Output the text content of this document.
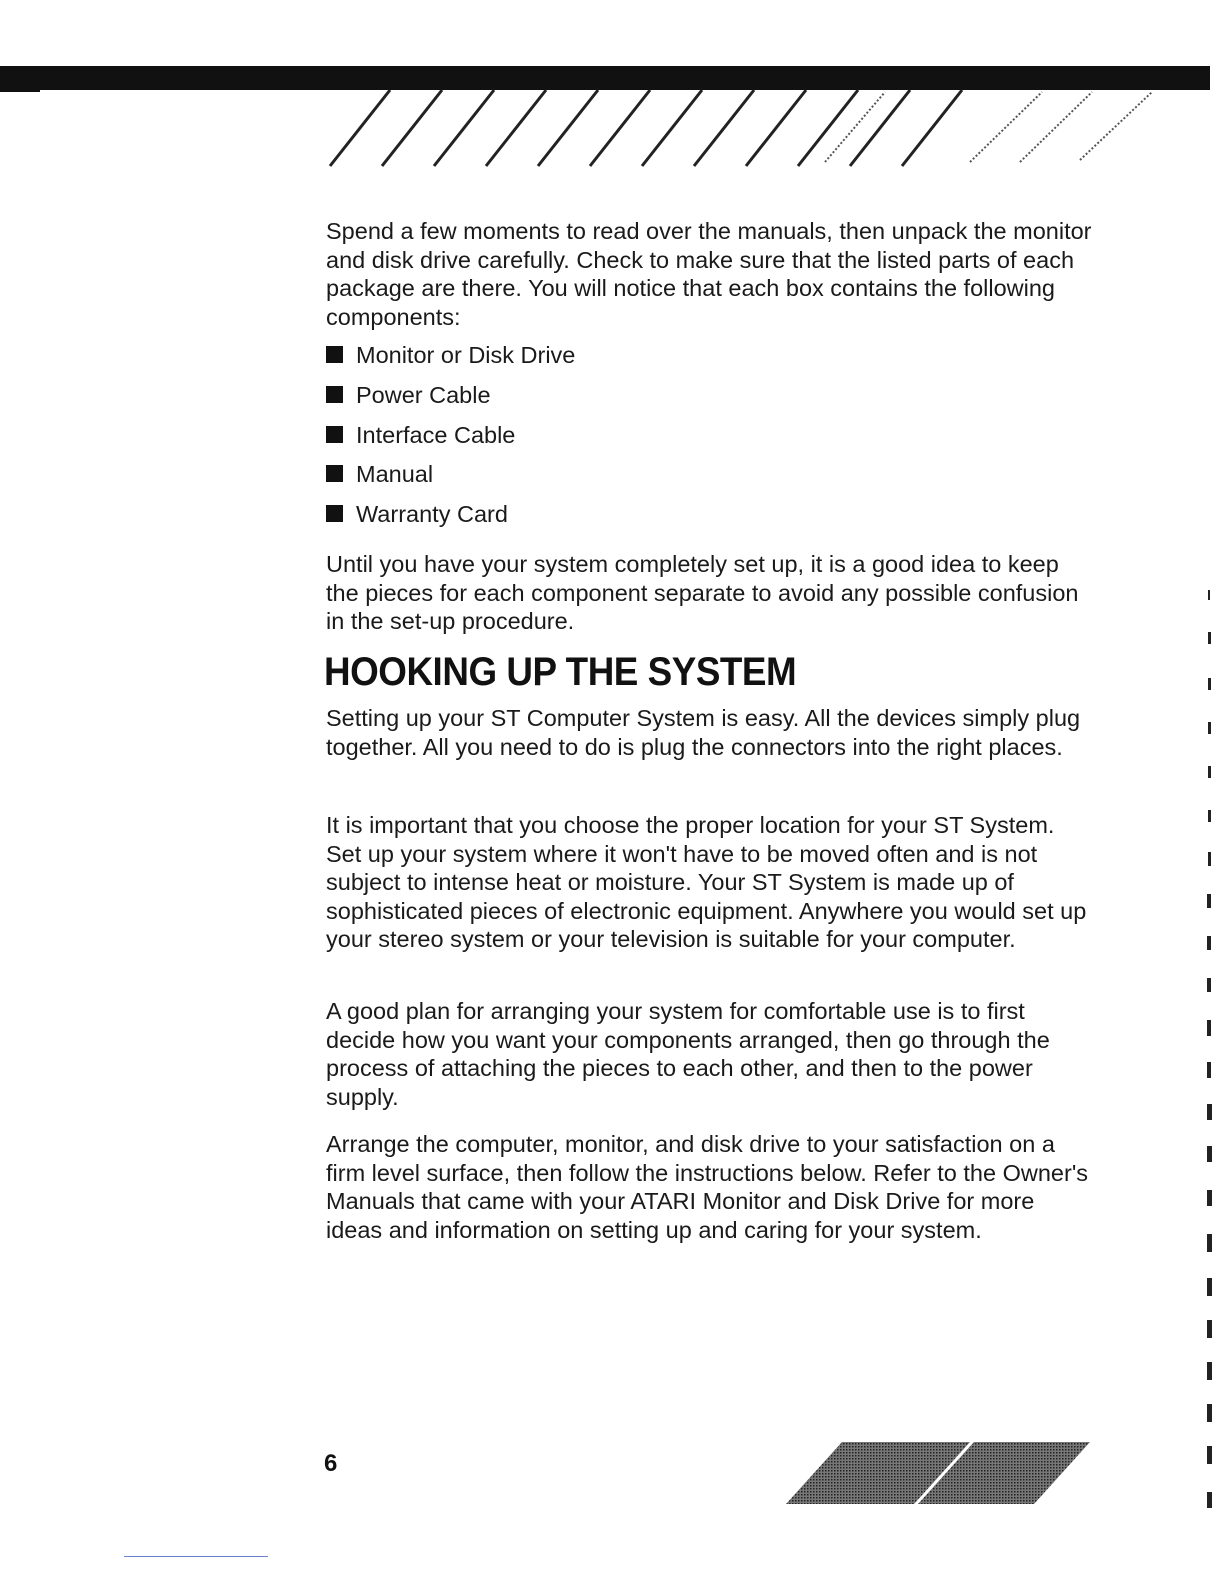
Spend a few moments to read over the manuals, then unpack the monitor and disk drive carefully. Check to make sure that the listed parts of each package are there. You will notice that each box contains the following components:

Monitor or Disk Drive
Power Cable
Interface Cable
Manual
Warranty Card

Until you have your system completely set up, it is a good idea to keep the pieces for each component separate to avoid any possible confusion in the set-up procedure.

HOOKING UP THE SYSTEM

Setting up your ST Computer System is easy. All the devices simply plug together. All you need to do is plug the connectors into the right places.

It is important that you choose the proper location for your ST System. Set up your system where it won't have to be moved often and is not subject to intense heat or moisture. Your ST System is made up of sophisticated pieces of electronic equipment. Anywhere you would set up your stereo system or your television is suitable for your computer.

A good plan for arranging your system for comfortable use is to first decide how you want your components arranged, then go through the process of attaching the pieces to each other, and then to the power supply.

Arrange the computer, monitor, and disk drive to your satisfaction on a firm level surface, then follow the instructions below. Refer to the Owner's Manuals that came with your ATARI Monitor and Disk Drive for more ideas and information on setting up and caring for your system.

6
